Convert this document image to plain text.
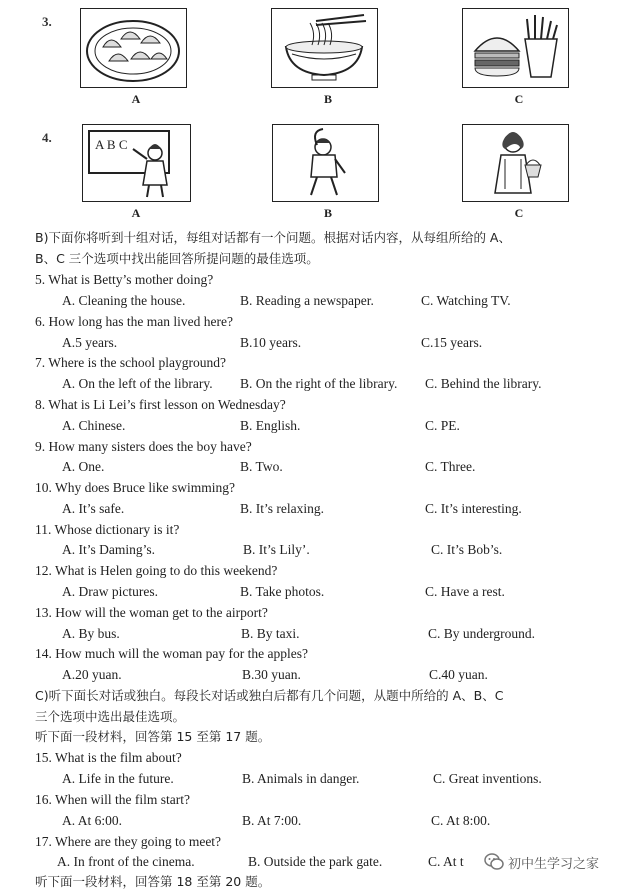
3.
A	B	C
4.	A B C
A	B	C
B)下面你将听到十组对话，每组对话都有一个问题。根据对话内容，从每组所给的 A、
B、C 三个选项中找出能回答所提问题的最佳选项。
5. What is Betty’s mother doing?
A. Cleaning the house.	B. Reading a newspaper.	C. Watching TV.
6. How long has the man lived here?
A.5 years.	B.10 years.	C.15 years.
7. Where is the school playground?
A. On the left of the library. B. On the right of the library. C. Behind the library.
8. What is Li Lei’s first lesson on Wednesday?
A. Chinese.	B. English.	C. PE.
9. How many sisters does the boy have?
A. One.	B. Two.	C. Three.
10. Why does Bruce like swimming?
A. It’s safe.	B. It’s relaxing.	C. It’s interesting.
11. Whose dictionary is it?
A. It’s Daming’s.	B. It’s Lily’.	C. It’s Bob’s.
12. What is Helen going to do this weekend?
A. Draw pictures.	B. Take photos.	C. Have a rest.
13. How will the woman get to the airport?
A. By bus.	B. By taxi.	C. By underground.
14. How much will the woman pay for the apples?
A.20 yuan.	B.30 yuan.	C.40 yuan.
C)听下面长对话或独白。每段长对话或独白后都有几个问题，从题中所给的 A、B、C
三个选项中选出最佳选项。
听下面一段材料，回答第 15 至第 17 题。
15. What is the film about?
A. Life in the future.	B. Animals in danger.	C. Great inventions.
16. When will the film start?
A. At 6:00.	B. At 7:00.	C. At 8:00.
17. Where are they going to meet?
A. In front of the cinema.	B. Outside the park gate.	C. At t	初中生学习之家
听下面一段材料，回答第 18 至第 20 题。
